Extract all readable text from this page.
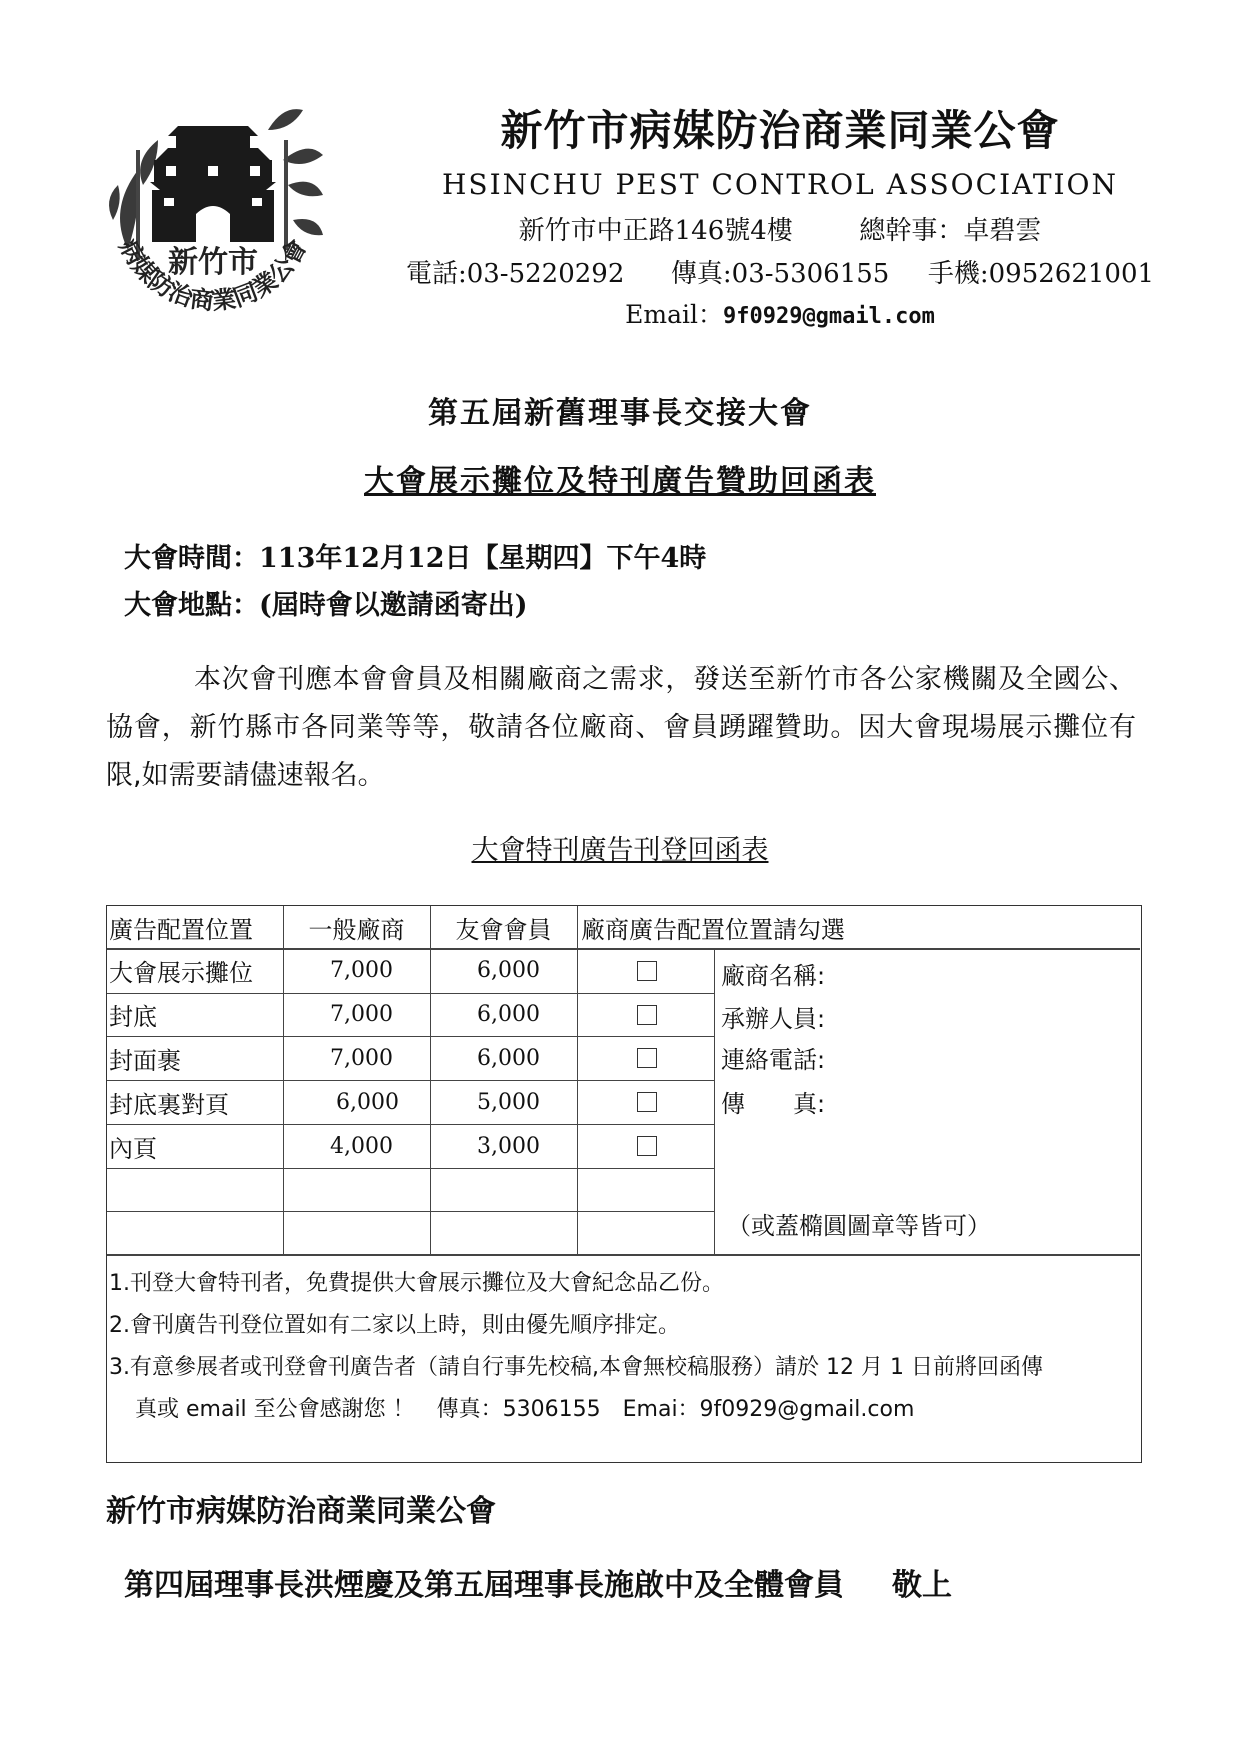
新竹市
病媒防治商業同業公會
新竹市病媒防治商業同業公會
HSINCHU PEST CONTROL ASSOCIATION
新竹市中正路146號4樓	總幹事：卓碧雲
電話:03-5220292 傳真:03-5306155 手機:0952621001
Email：9f0929@gmail.com
第五屆新舊理事長交接大會
大會展示攤位及特刊廣告贊助回函表
大會時間：113年12月12日【星期四】下午4時
大會地點：(屆時會以邀請函寄出)
本次會刊應本會會員及相關廠商之需求，發送至新竹市各公家機關及全國公、協會，新竹縣市各同業等等，敬請各位廠商、會員踴躍贊助。因大會現場展示攤位有限,如需要請儘速報名。
大會特刊廣告刊登回函表
廣告配置位置	一般廠商	友會會員	廠商廣告配置位置請勾選
大會展示攤位	7,000	6,000
封底	7,000	6,000
封面裹	7,000	6,000
封底裏對頁	6,000	5,000
內頁	4,000	3,000
廠商名稱:
承辦人員:
連絡電話:
傳　　真:
（或蓋橢圓圖章等皆可）
1.刊登大會特刊者，免費提供大會展示攤位及大會紀念品乙份。
2.會刊廣告刊登位置如有二家以上時，則由優先順序排定。
3.有意參展者或刊登會刊廣告者（請自行事先校稿,本會無校稿服務）請於 12 月 1 日前將回函傳
真或 email 至公會感謝您 ！　傳真：5306155　Emai：9f0929@gmail.com
新竹市病媒防治商業同業公會
第四屆理事長洪煙慶及第五屆理事長施啟中及全體會員 敬上
